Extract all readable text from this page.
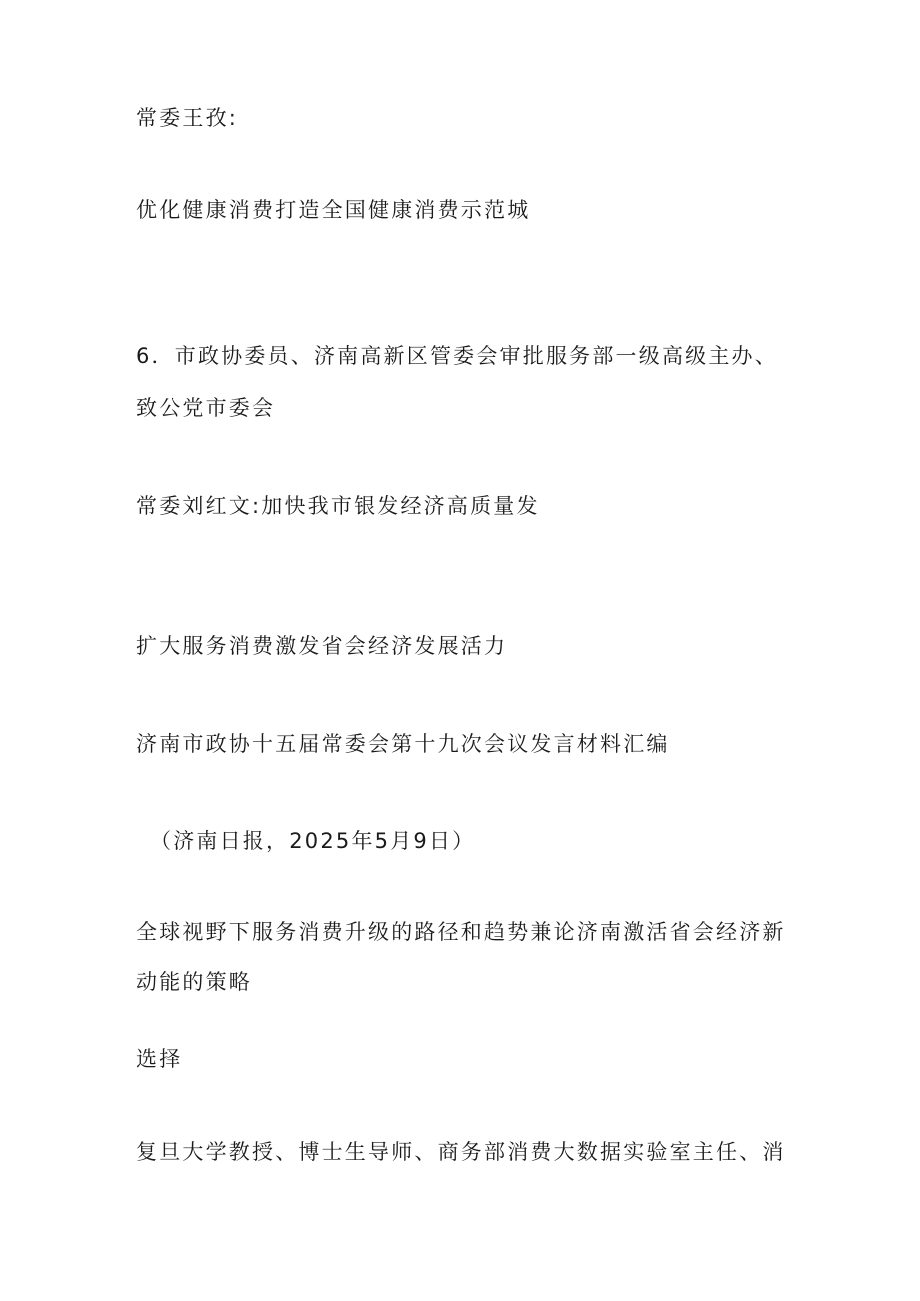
常委王孜:
优化健康消费打造全国健康消费示范城
6．市政协委员、济南高新区管委会审批服务部一级高级主办、
致公党市委会
常委刘红文:加快我市银发经济高质量发
扩大服务消费激发省会经济发展活力
济南市政协十五届常委会第十九次会议发言材料汇编
（济南日报，2025年5月9日）
全球视野下服务消费升级的路径和趋势兼论济南激活省会经济新
动能的策略
选择
复旦大学教授、博士生导师、商务部消费大数据实验室主任、消
